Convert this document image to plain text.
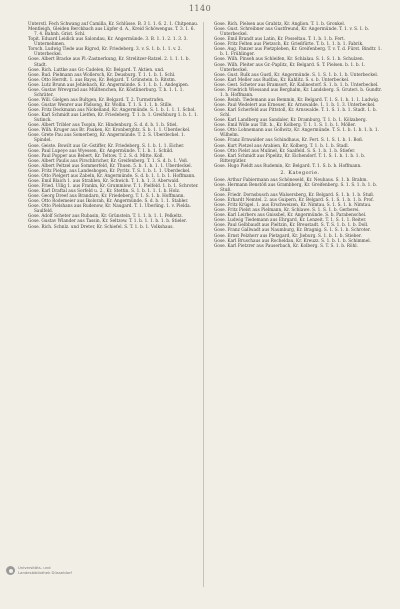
1140

Unterstl. Fech Schwang auf Camilla, Kr. Schlüsse. B. 3 1. 1. 6. 2. 1. Chitpenau.

Mentleigh, Gleiden Berckbach aus Lüpfer d. A., Kreid Schöwengus. T. 3. 1. 6. 7. 4. Bahnh. Grist. Schl.

Topit. Eduard Leidick aus Salondau, Kr. Angermünde. 3. B. 1. 1. 2. 1. 3. 3. Unternehmen.

Torsch. Ludwig Tiede aus Rigrod, Kr. Friedeberg. 3. v. S. 1. b. 1. 1. v. 2. Unterbeckel.

Gose. Albert Bracke aus Pl.-Zastnerkung, Kr. Strelitzer-Ratzel. 2. 1. 1. 1. b. Stadt.

Gose. Rich. Luttke aus Gr.-Cadelen, Kr. Belgard. T. Aktien. und.

Gose. Rud. Pielmann aus Wollersch, Kr. Deusburg. T. 1. 1. b. 1. Schl.

Gose. Otto Herrdt. 1. aus Bayss, Kr. Belgard. T. Grünstein. b. Ritstm.

Gose. Lutz Brunn aus Jehlebach, Kr. Angermünde. S. 1. 1. b. 1. Andegipen.

Gose. Gustav Wrevgrad aus Mülltenchen, Kr. Köstlinerburg. T. b. 1. 1. 1. Schräter.

Gose. Will. Gielgen aus Bultgen, Kr. Belgard. T. 2. Turmstrafen.

Gose. Gustav Wenrer aus Pädsong, Kr. Wollin. T. 1. S. 1. 1. b. Stille.

Gose. Fritz Deckmann aus Nickelland, Kr. Angermünde. S. 1. b. 1. 1. 1. Schol.

Gose. Karl Schmidt aus Lietfen, Kr. Friedeberg. T. 1. b. 1. Greifsburg 1. b. 1. 1. Sutinck.

Gose. Albert Tribler aus Tsopin, Kr. Hindenburg. S. d. d. b. 1. b. Stiel.

Gose. Wilh. Kruger aus Br. Pauken, Kr. Kronberghtz. S. b. 1. 1. Uberdeckel.

Gose. Grete Pau aus Somerberg, Kr. Angermünde. T. 2. S. Uberdeckel. 1. Spindel.

Gose. Geiste. Bowilt aus Gr.-Gstiffer, Kr. Friedeberg. S. 1. b. 1. 1. Eicher.

Gose. Paul Lupeye aus Wyessen, Kr. Angermünde. T. 1. b. 1. Schild.

Gose. Paul Popper aus Bebert, Kr. Teltow. T. 2. S. d. Mitte. Koll.

Gose. Albert Paulis aus Pirschbricher, Kr. Greifenberg. T. 1. S. d. b. 1. Voß.

Gose. Albert Peltzel aus Sommerfeld, Kr. Thuen. 5. b. 1. b. 1. 1. Uberdeckel.

Gose. Fritz Pielgg. aus Landeshogen, Kr. Pyritz. T. S. 1. b. 1. 1. Uberdeckel.

Gose. Otto Pielgert aus Zabeln, Kr. Angermünde. S. d. b. 1. 1. b. 1. Hoffmann.

Gose. Emil Blaich 1. aus Strahlen, Kr. Schwich. T. 1. b. 1. 3. Aberwald.

Gose. Fried. Ullig 1. aus Frankn, Kr. Grummlow. T. 1. Pielfeld. 1. b. 1. Schroter.

Gose. Karl Draftal aus Sorfeld u. 2., Kr. Stettin. S. 1. b. 1. 1. 1. b. Holz.

Gose. Georg Dreef aus Brandarn, Kr. Friedeberg. T. 1. S. 1. b. Hoffmann.

Gose. Otto Rodemeier aus Ikolorah, Kr. Angermünde. S. d. b. 1. 1. Stabler.

Gose. Otto Pielshans aus Rudenow, Kr. Naugard. T. 1. Uberling. 1. v. Pielda. Saulfeld.

Gose. Adolf Scheter aus Rubasin, Kr. Grünstein. T. 1. 1. b. 1. 1. Pelkeltz.

Gose. Gustav Wlander aus Tassin, Kr. Seltzow. T. 1. b. 1. 1. b. 1. b. Stieler.

Gose. Rich. Schnlz. und Dreter, Kr. Schiefel. S. T. 1. b. 1. Volkshaus.

Gose. Rich. Pielsen aus Grabitz, Kr. Anglion. T. 1. b. Gronkel.

Gose. Gust. Schreibner aus Gustfreund, Kr. Angermünde. T. 1. v. S. 1. b. Unterbeckel.

Gose. Emil Brandt aus Latin, Kr. Posseltau. T. 1. b. 1. b. Fert.

Gose. Fritz Felten aus Pietzsch, Kr. Grießfürte. T. b. 1. 1. b. 1. Fabrik.

Gose. Aug. Panzer aus Pietzpleben, Kr. Greifenberg. T. v. T. d. Fürst. Bindtr. 1. b. 1. Frühlinger.

Gose. Wilh. Pinseh aus Schleifen, Kr. Schlalau. S. 1. S. 1. b. Schulzen.

Gose. Wilh. Pleiter aus Gr.-Paplitz, Kr. Belgard. S. T. Pielsen. b. 1. b. 1. Unterbeckel.

Gose. Gust. Rulk aus Gustl, Kr. Angermünde. S. 1. S. 1. b. 1. b. Unterbeckel.

Gose. Karl Meller aus Rudfau, Kr. Kahlitz. S. s. b. Unterbeckel.

Gose. Gest. Scheter aus Bramsort, Kr. Kalinestorf. S. 1. b. 1. b. Unterbeckel.

Gose. Friedrich Wiessand aus Berghalm, Kr. Landsberg. S. Gruteri. b. Gundtr. 1. b. Hoffmann.

Gose. Reinh. Tiedemann aus Bemmin, Kr. Belgard. T. 1. S. 1. b. 1. 1. Ludwig.

Gose. Paul Wedelert aus Erneuer, Kr. Arnswalde. 1. 1. b. 1. 3. Unterbeckel.

Gose. Karl Scherfeld aus Pittstoll, Kr. Arnswalde. T. 1. S. 1. b. 1. Stadt. 1. b. Schl.

Gose. Karl Landberg aus Sandaler, Kr. Dramburg. T. 1. b. 1. Kölzaberg.

Gose. Emil Wille aus Tilt. b., Kr. Kolberg. T. 1. 1. S. 1. b. 1. Möller.

Gose. Otto Lohnemann aus Gollwitz, Kr. Angermünde. T. S. 1. b. 1. b. 1. b. 1. Wilhelm.

Gose. Franz Ernwalder aus Schindhaus, Kr. Fert. S. 1. S. 1. b. 1. Boß.

Gose. Kurt Pietzel aus Arabien, Kr. Kolberg. T. 1. b. 1. b. Stadl.

Gose. Otto Pielst aus Mulinel, Kr. Saalfeld. S. S. 1. b. 1. b. Stiefer.

Gose. Karl Schmidt aus Pipelitz, Kr. Eichendorf. T. 1. S. 1. b. 1. b. 1. b. Rittergütler.

Gose. Hugo Pieldt aus Rudemin, Kr. Belgard. T. 1. S. b. b. Hoffmann.

2. Kategorie.

Gose. Arthur Fabiermann aus Schöneseld, Kr. Neuhaus. S. 1. b. Brahm.

Gose. Hermann Benstöß aus Grambberg, Kr. Greifenberg. S. 1. S. 1. b. 1. b. Stuß.

Gose. Friedr. Dornsbusch aus Walsersberg, Kr. Belgard. S. 1. b. 1. b. Stuß.

Gose. Erhardt Nemtel. 2. aus Guipern, Kr. Belgard. S. 1. S. 1. b. 1. b. Prof.

Gose. Fritz Krügel. 1. aus Erschweizen, Kr. Nimtau. S. 1. S. 1. b. Nimtau.

Gose. Fritz Pielst aus Pielmann, Kr. Schlawe. S. 1. S. 1. b. Gerberei.

Gose. Karl Leirbers aus Gnissbel, Kr. Angermünde. S. b. Parabenschel.

Gose. Ludwig Tiedemann aus Ehrgard, Kr. Lenzeit. T. 1. S. 1. 1. Reiter.

Gose. Paul Gelbbaudt aus Pieltzin, Kr. Breustadt. S. T. S. 1. b. 1. b. Doll.

Gose. Franz Gallwadt aus Naumburg, Kr. Bragnig. S. 1. S. 1. b. Schroter.

Gose. Ernst Pelzherr aus Pietzgard, Kr. Jieburg. S. 1. b. 1. b. Stieber.

Gose. Karl Bruschaus aus Rocheldau, Kr. Kreuzz. S. 1. b. 1. b. Schimmel.

Gose. Karl Pietzrer aus Pauserbach, Kr. Kolberg. S. T. S. 1. b. Röhl.

Universitäts- und
Landesbibliothek Düsseldorf
